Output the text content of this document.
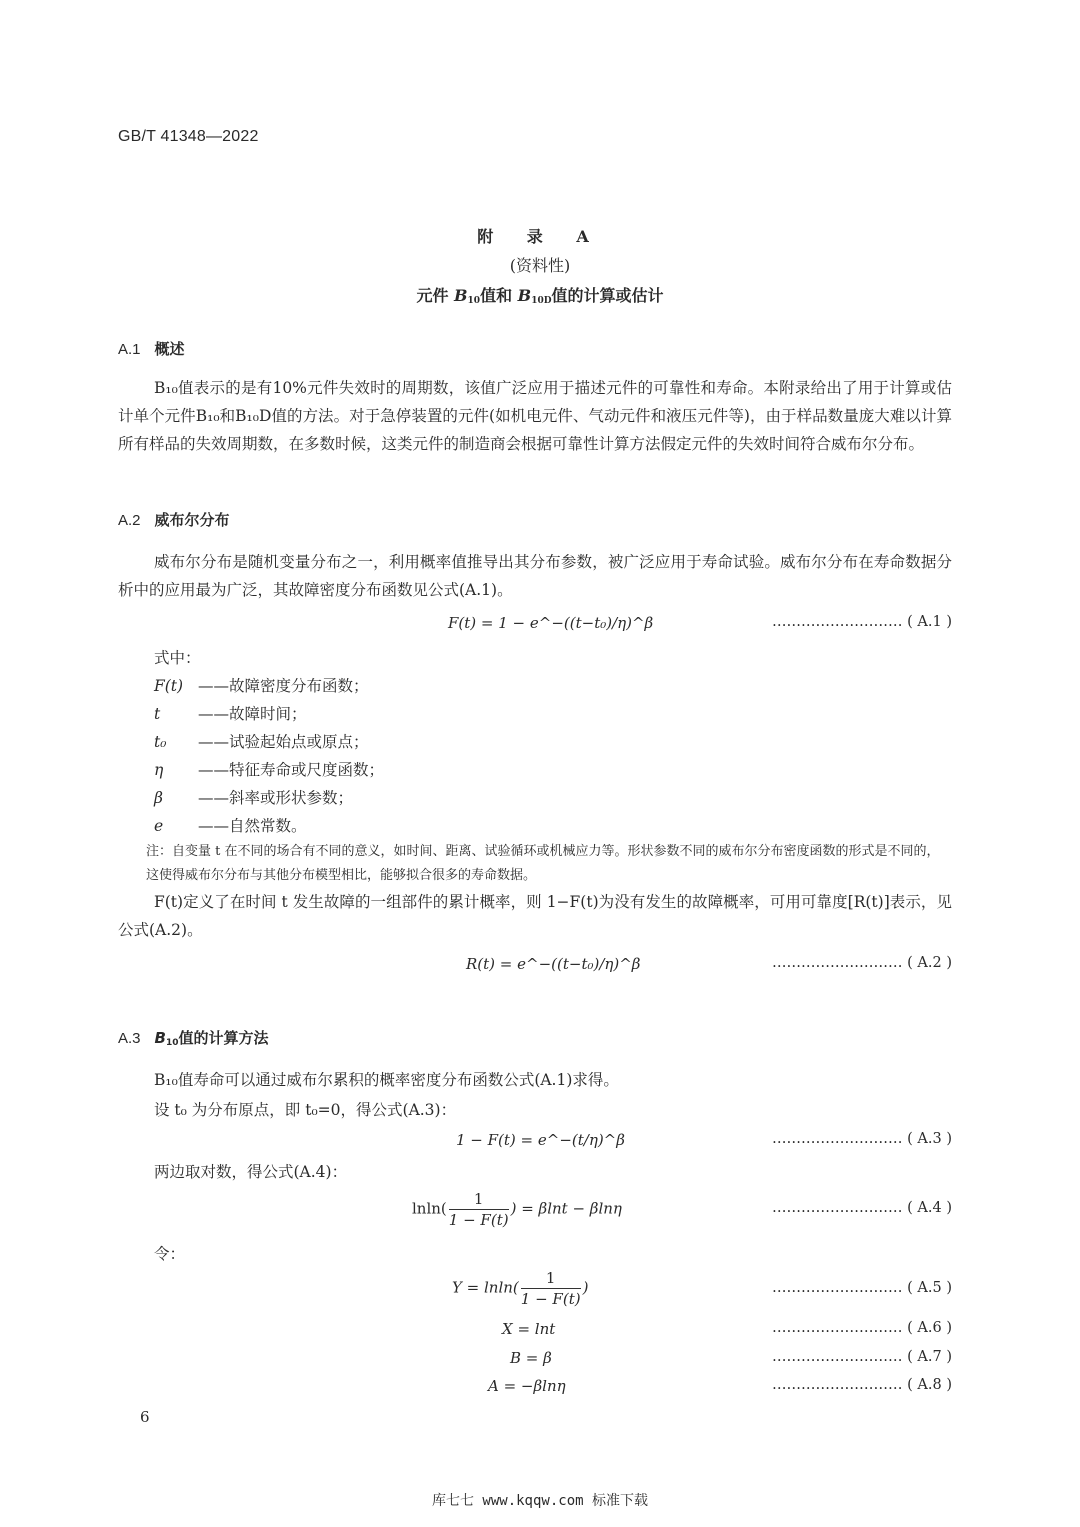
GB/T 41348—2022
附 录 A
(资料性)
元件 $B_{10}$值和 $B_{10D}$值的计算或估计
A.1 概述
B₁₀值表示的是有10%元件失效时的周期数，该值广泛应用于描述元件的可靠性和寿命。本附录给出了用于计算或估计单个元件B₁₀和B₁₀D值的方法。对于急停装置的元件(如机电元件、气动元件和液压元件等)，由于样品数量庞大难以计算所有样品的失效周期数，在多数时候，这类元件的制造商会根据可靠性计算方法假定元件的失效时间符合威布尔分布。
A.2 威布尔分布
威布尔分布是随机变量分布之一，利用概率值推导出其分布参数，被广泛应用于寿命试验。威布尔分布在寿命数据分析中的应用最为广泛，其故障密度分布函数见公式(A.1)。
F(t) = 1 − e^−((t−t₀)/η)^β	……………………… ( A.1 )
式中：
F(t) ——故障密度分布函数；
t ——故障时间；
t₀ ——试验起始点或原点；
η ——特征寿命或尺度函数；
β ——斜率或形状参数；
e ——自然常数。
注：自变量 t 在不同的场合有不同的意义，如时间、距离、试验循环或机械应力等。形状参数不同的威布尔分布密度函数的形式是不同的，这使得威布尔分布与其他分布模型相比，能够拟合很多的寿命数据。
F(t)定义了在时间 t 发生故障的一组部件的累计概率，则 1−F(t)为没有发生的故障概率，可用可靠度[R(t)]表示，见公式(A.2)。
R(t) = e^−((t−t₀)/η)^β	……………………… ( A.2 )
A.3 $B_{10}$值的计算方法
B₁₀值寿命可以通过威布尔累积的概率密度分布函数公式(A.1)求得。
设 t₀ 为分布原点，即 t₀=0，得公式(A.3)：
1 − F(t) = e^−(t/η)^β	……………………… ( A.3 )
两边取对数，得公式(A.4)：
$lnln( \frac{1}{1 - F(t)}$ ) = βlnt − βlnη	……………………… ( A.4 )
令：
$Y = lnln( \frac{1}{1 - F(t)}$ )	……………………… ( A.5 )
X = lnt	……………………… ( A.6 )
B = β	……………………… ( A.7 )
A = −βlnη	……………………… ( A.8 )
6
库七七 www.kqqw.com 标准下载
